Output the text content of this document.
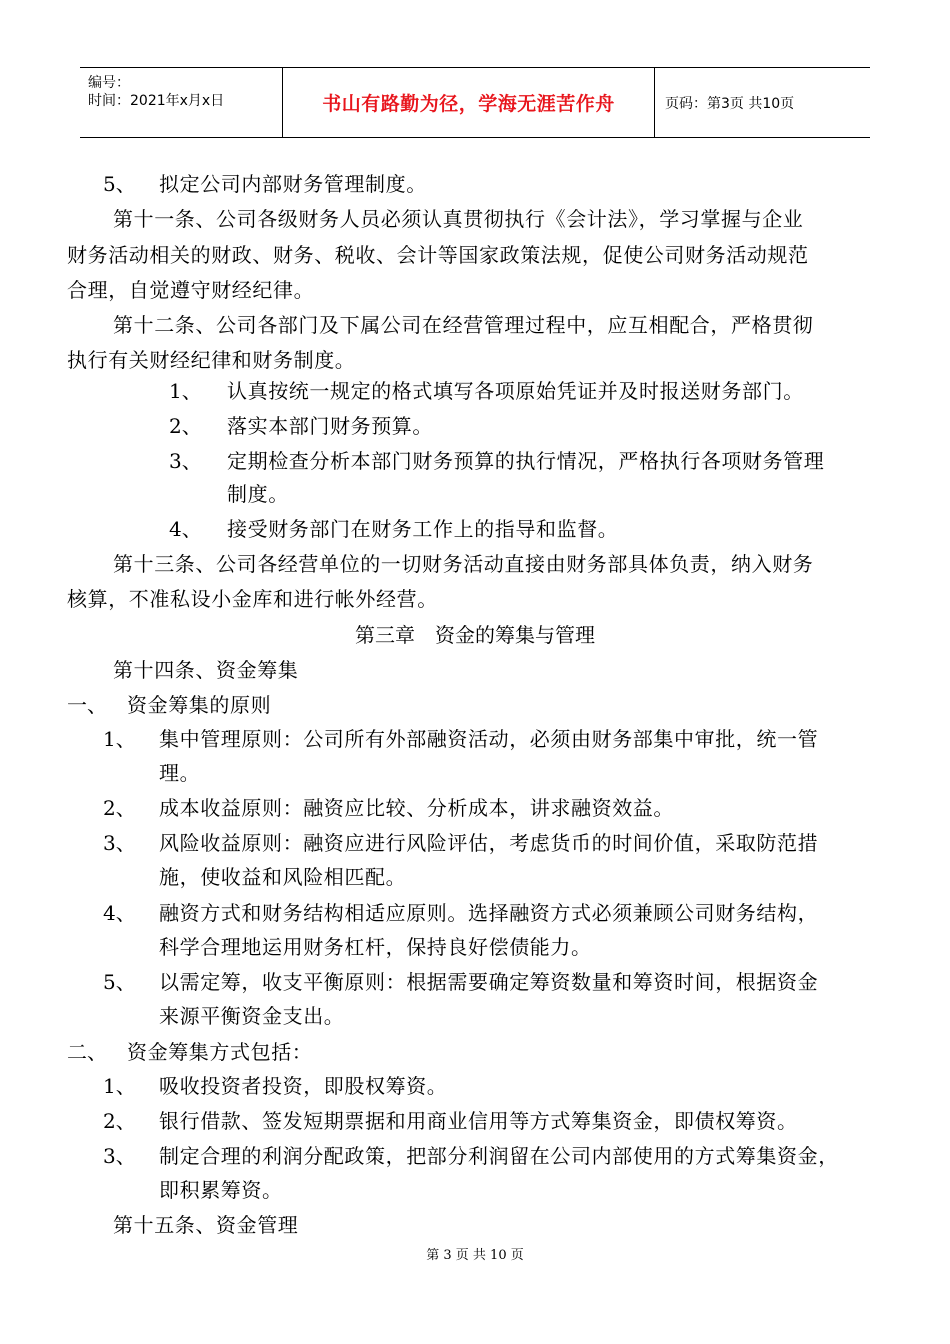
编号：
时间：2021年x月x日	书山有路勤为径，学海无涯苦作舟	页码：第3页 共10页
5、 拟定公司内部财务管理制度。
第十一条、公司各级财务人员必须认真贯彻执行《会计法》，学习掌握与企业
财务活动相关的财政、财务、税收、会计等国家政策法规，促使公司财务活动规范
合理，自觉遵守财经纪律。
第十二条、公司各部门及下属公司在经营管理过程中，应互相配合，严格贯彻
执行有关财经纪律和财务制度。
1、 认真按统一规定的格式填写各项原始凭证并及时报送财务部门。
2、 落实本部门财务预算。
3、 定期检查分析本部门财务预算的执行情况，严格执行各项财务管理
制度。
4、 接受财务部门在财务工作上的指导和监督。
第十三条、公司各经营单位的一切财务活动直接由财务部具体负责，纳入财务
核算，不准私设小金库和进行帐外经营。
第三章　资金的筹集与管理
第十四条、资金筹集
一、 资金筹集的原则
1、 集中管理原则：公司所有外部融资活动，必须由财务部集中审批，统一管
理。
2、 成本收益原则：融资应比较、分析成本，讲求融资效益。
3、 风险收益原则：融资应进行风险评估，考虑货币的时间价值，采取防范措
施，使收益和风险相匹配。
4、 融资方式和财务结构相适应原则。选择融资方式必须兼顾公司财务结构，
科学合理地运用财务杠杆，保持良好偿债能力。
5、 以需定筹，收支平衡原则：根据需要确定筹资数量和筹资时间，根据资金
来源平衡资金支出。
二、 资金筹集方式包括：
1、 吸收投资者投资，即股权筹资。
2、 银行借款、签发短期票据和用商业信用等方式筹集资金，即债权筹资。
3、 制定合理的利润分配政策，把部分利润留在公司内部使用的方式筹集资金，
即积累筹资。
第十五条、资金管理
第 3 页 共 10 页
